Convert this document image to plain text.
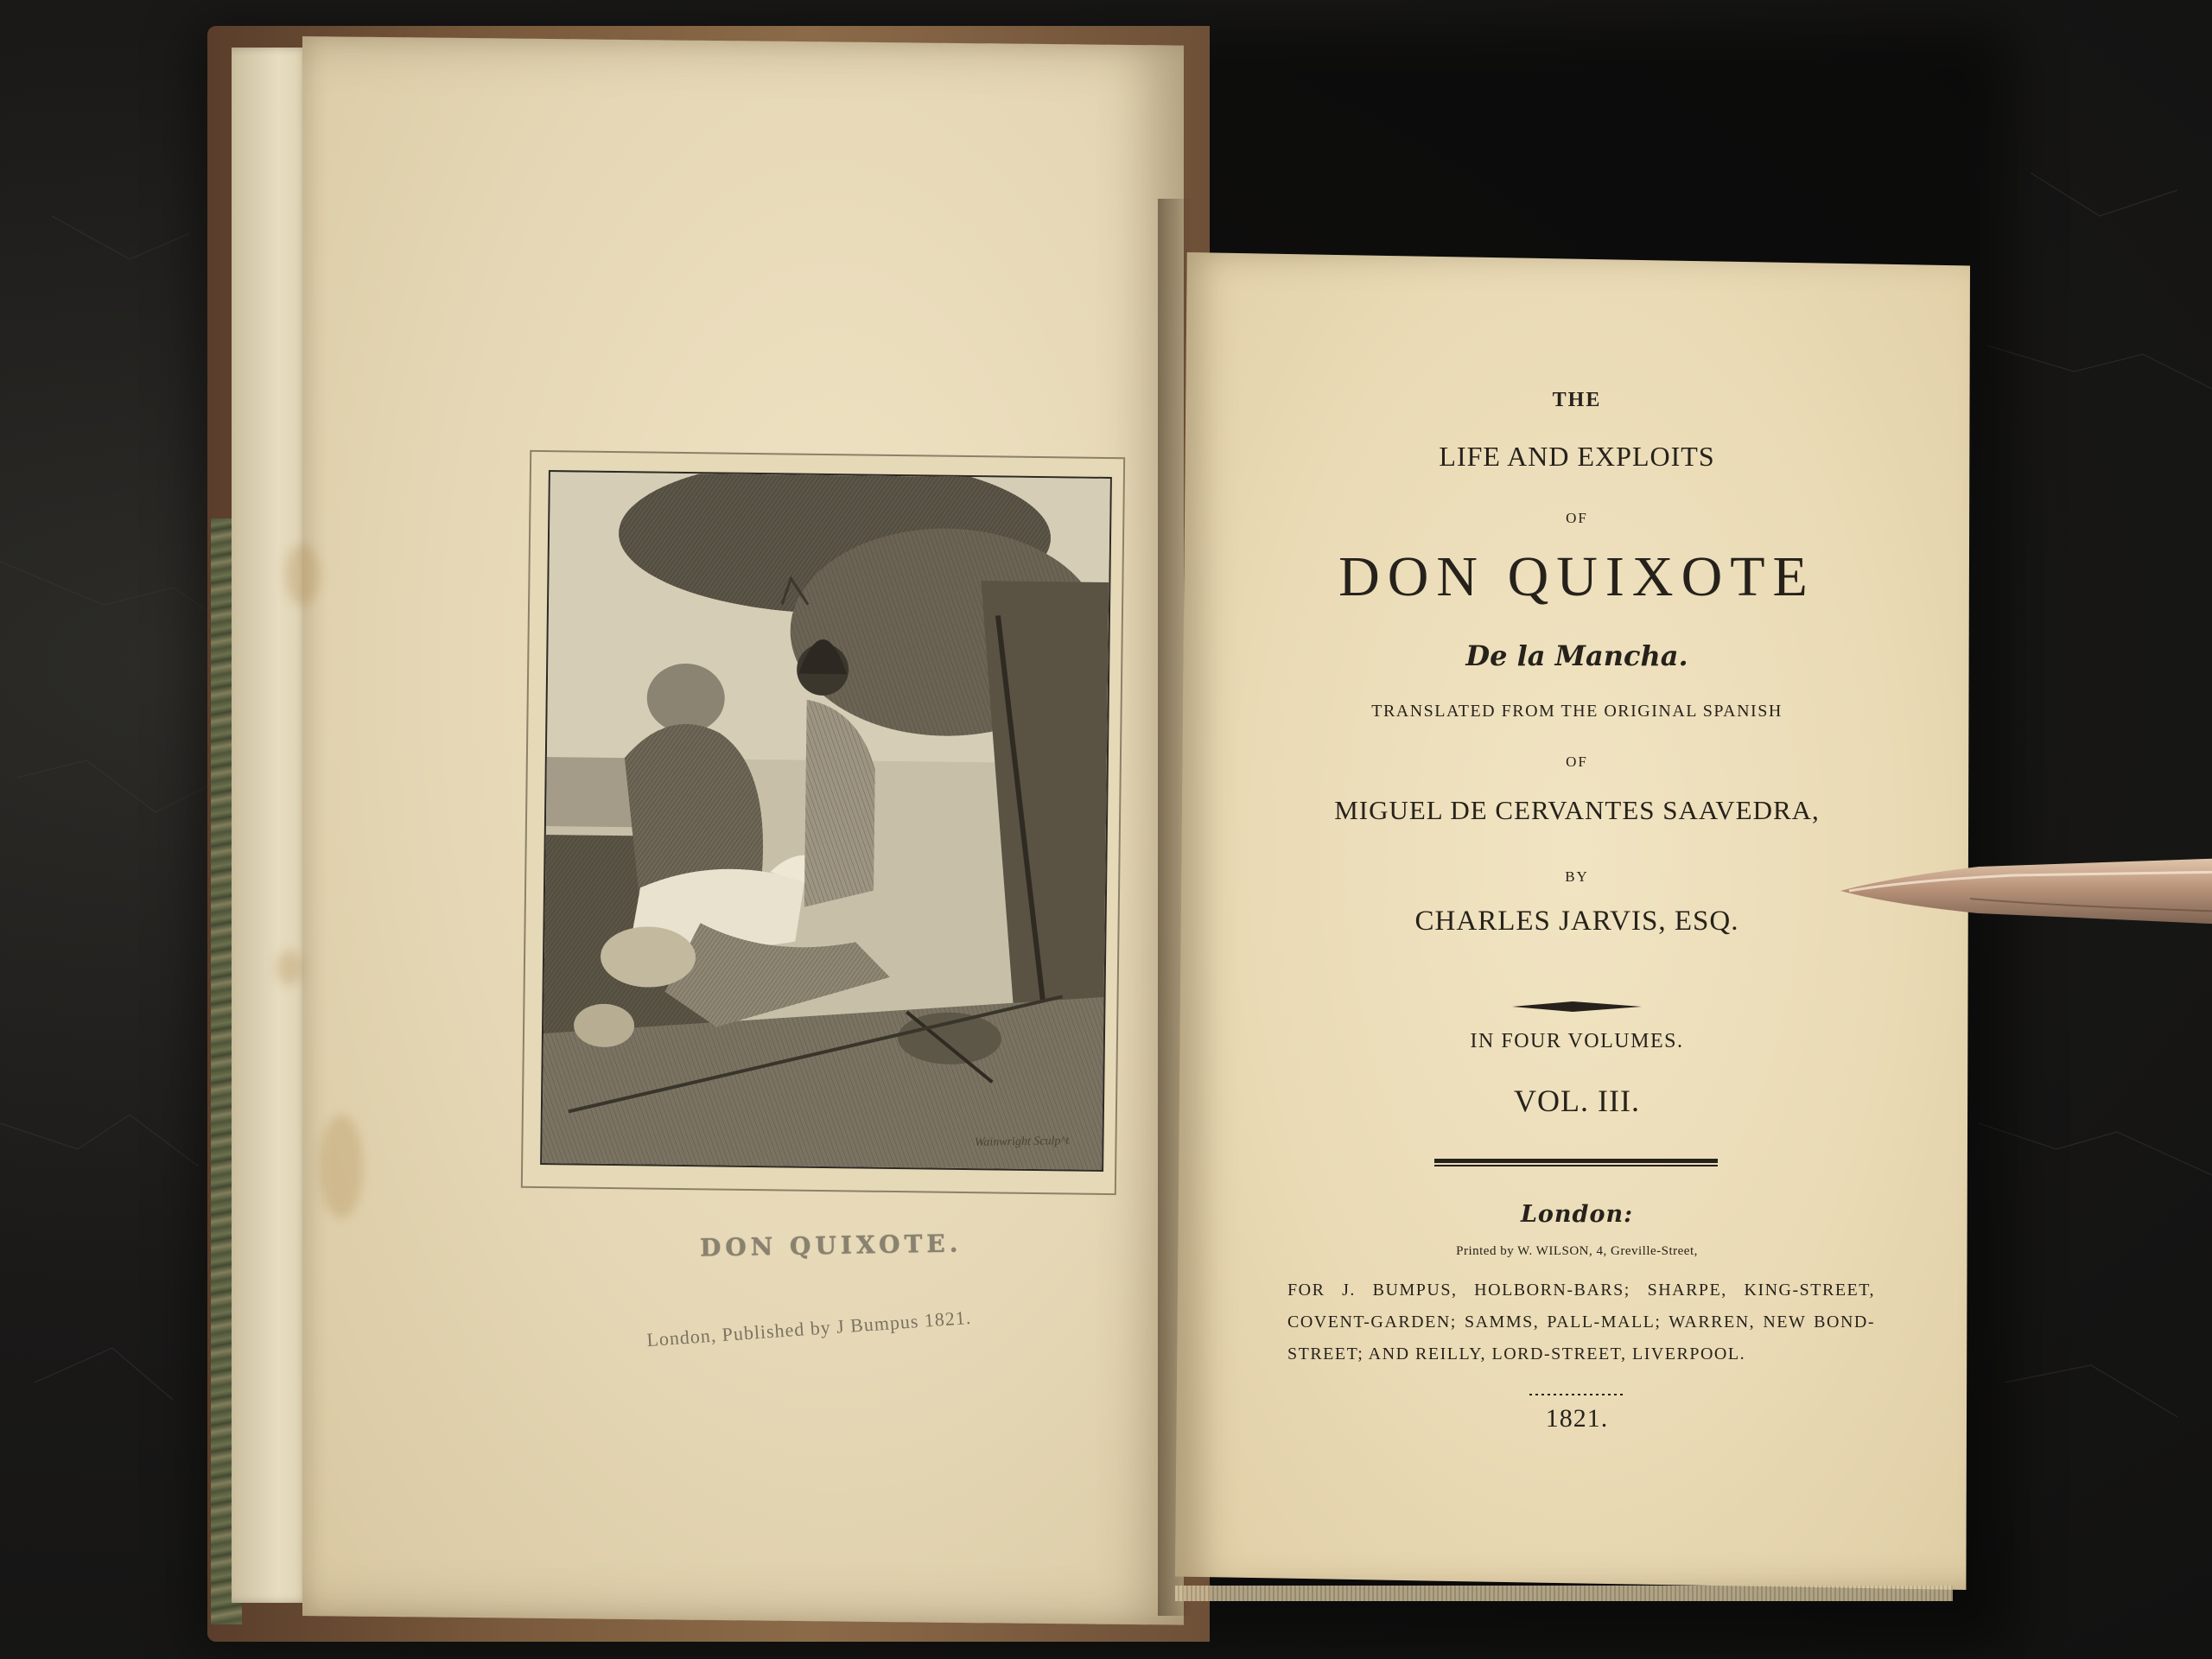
Wainwright Sculp^t
DON QUIXOTE.
London, Published by J Bumpus 1821.
THE
LIFE AND EXPLOITS
OF
DON QUIXOTE
De la Mancha.
TRANSLATED FROM THE ORIGINAL SPANISH
OF
MIGUEL DE CERVANTES SAAVEDRA,
BY
CHARLES JARVIS, ESQ.
IN FOUR VOLUMES.
VOL. III.
London:
Printed by W. WILSON, 4, Greville-Street,
FOR J. BUMPUS, HOLBORN-BARS; SHARPE, KING-STREET, COVENT-GARDEN; SAMMS, PALL-MALL; WARREN, NEW BOND-STREET; AND REILLY, LORD-STREET, LIVERPOOL.
1821.
